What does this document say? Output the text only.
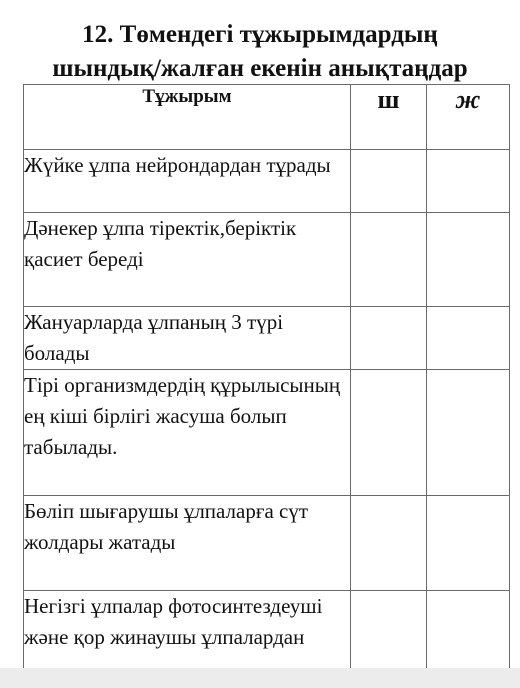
12. Төмендегі тұжырымдардың
шындық/жалған екенін анықтаңдар
Тұжырым	ш	ж
Жүйке ұлпа нейрондардан тұрады		
Дәнекер ұлпа тіректік,беріктік қасиет береді		
Жануарларда ұлпаның 3 түрі болады		
Тірі организмдердің құрылысының ең кіші бірлігі жасуша болып табылады.		
Бөліп шығарушы ұлпаларға сүт жолдары жатады		
Негізгі ұлпалар фотосинтездеуші және қор жинаушы ұлпалардан		
